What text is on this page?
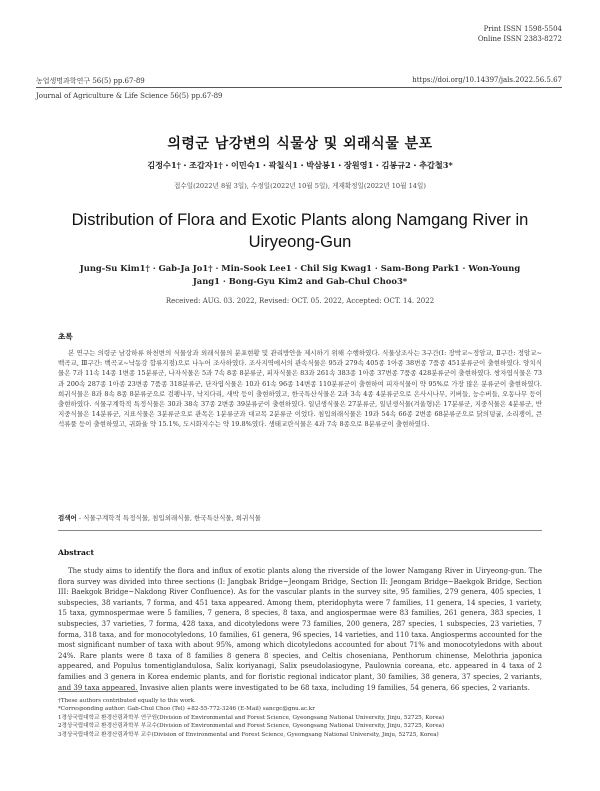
Print ISSN 1598-5504
Online ISSN 2383-8272
농업생명과학연구 56(5) pp.67-89	https://doi.org/10.14397/jals.2022.56.5.67
Journal of Agriculture & Life Science 56(5) pp.67-89
의령군 남강변의 식물상 및 외래식물 분포
김정수1†・조갑자1†・이민숙1・곽칠식1・박삼봉1・장원영1・김봉규2・추갑철3*
접수일(2022년 8월 3일), 수정일(2022년 10월 5일), 게재확정일(2022년 10월 14일)
Distribution of Flora and Exotic Plants along Namgang River in Uiryeong-Gun
Jung-Su Kim1† · Gab-Ja Jo1† · Min-Sook Lee1 · Chil Sig Kwag1 · Sam-Bong Park1 · Won-Young Jang1 · Bong-Gyu Kim2 and Gab-Chul Choo3*
Received: AUG. 03. 2022, Revised: OCT. 05. 2022, Accepted: OCT. 14. 2022
초록

본 연구는 의령군 남강하류 하천변의 식물상과 외래식물의 분포현황 및 관리방안을 제시하기 위해 수행하였다. 식물상조사는 3구간(Ⅰ: 장박교~정암교, Ⅱ구간: 정암교~백곡교, Ⅲ구간: 백곡교~낙동강 합류지점)으로 나누어 조사하였다. 조사지역에서의 관속식물은 95과 279속 405종 1아종 38변종 7품종 451분류군이 출현하였다. 양치식물은 7과 11속 14종 1변종 15분류군, 나자식물은 5과 7속 8종 8분류군, 피자식물은 83과 261속 383종 1아종 37변종 7품종 428분류군이 출현하였다. 쌍자엽식물은 73과 200속 287종 1아종 23변종 7품종 318분류군, 단자엽식물은 10과 61속 96종 14변종 110분류군이 출현하여 피자식물이 약 95%로 가장 많은 분류군이 출현하였다. 희귀식물은 8과 8속 8종 8분류군으로 검팽나무, 낙지다리, 새박 등이 출현하였고, 한국특산식물은 2과 3속 4종 4분류군으로 은사시나무, 키버들, 능수버들, 오동나무 등이 출현하였다. 식물구계학적 특정식물은 30과 38속 37종 2변종 39분류군이 출현하였다. 일년생식물은 27분류군, 일년생식물(겨울형)은 17분류군, 지중식물은 4분류군, 반지중식물은 14분류군, 지표식물은 3분류군으로 관목은 1분류군과 대교목 2분류군 이었다. 침입외래식물은 19과 54속 66종 2변종 68분류군으로 닭의덩굴, 소리쟁이, 큰석류풀 등이 출현하였고, 귀화율 약 15.1%, 도시화지수는 약 19.8%였다. 생태교란식물은 4과 7속 8종으로 8분류군이 출현하였다.

검색어 - 식물구계학적 특정식물, 침입외래식물, 한국특산식물, 희귀식물
Abstract

The study aims to identify the flora and influx of exotic plants along the riverside of the lower Namgang River in Uiryeong-gun. The flora survey was divided into three sections (I: Jangbak Bridge~Jeongam Bridge, Section II: Jeongam Bridge~Baekgok Bridge, Section III: Baekgok Bridge~Nakdong River Confluence). As for the vascular plants in the survey site, 95 families, 279 genera, 405 species, 1 subspecies, 38 variants, 7 forma, and 451 taxa appeared. Among them, pteridophyta were 7 families, 11 genera, 14 species, 1 variety, 15 taxa, gymnospermae were 5 families, 7 genera, 8 species, 8 taxa, and angiospermae were 83 families, 261 genera, 383 species, 1 subspecies, 37 varieties, 7 forma, 428 taxa, and dicotyledons were 73 families, 200 genera, 287 species, 1 subspecies, 23 varieties, 7 forma, 318 taxa, and for monocotyledons, 10 families, 61 genera, 96 species, 14 varieties, and 110 taxa. Angiosperms accounted for the most significant number of taxa with about 95%, among which dicotyledons accounted for about 71% and monocotyledons with about 24%. Rare plants were 8 taxa of 8 families 8 genera 8 species, and Celtis choseniana, Penthorum chinense, Melothria japonica appeared, and Populus tomentiglandulosa, Salix koriyanagi, Salix pseudolasiogyne, Paulownia coreana, etc. appeared in 4 taxa of 2 families and 3 genera in Korea endemic plants, and for floristic regional indicator plant, 30 families, 38 genera, 37 species, 2 variants, and 39 taxa appeared. Invasive alien plants were investigated to be 68 taxa, including 19 families, 54 genera, 66 species, 2 variants.

†These authors contributed equally to this work.
*Corresponding author: Gab-Chul Choo (Tel) +82-55-772-3246 (E-Mail) sancgc@gnu.ac.kr
1경상국립대학교 환경산림과학부 연구원(Division of Environmental and Forest Science, Gyeongsang National University, Jinju, 52725, Korea)
2경상국립대학교 환경산림과학부 부교수(Division of Environmental and Forest Science, Gyeongsang National University, Jinju, 52725, Korea)
3경상국립대학교 환경산림과학부 교수(Division of Environmental and Forest Science, Gyeongsang National University, Jinju, 52725, Korea)
